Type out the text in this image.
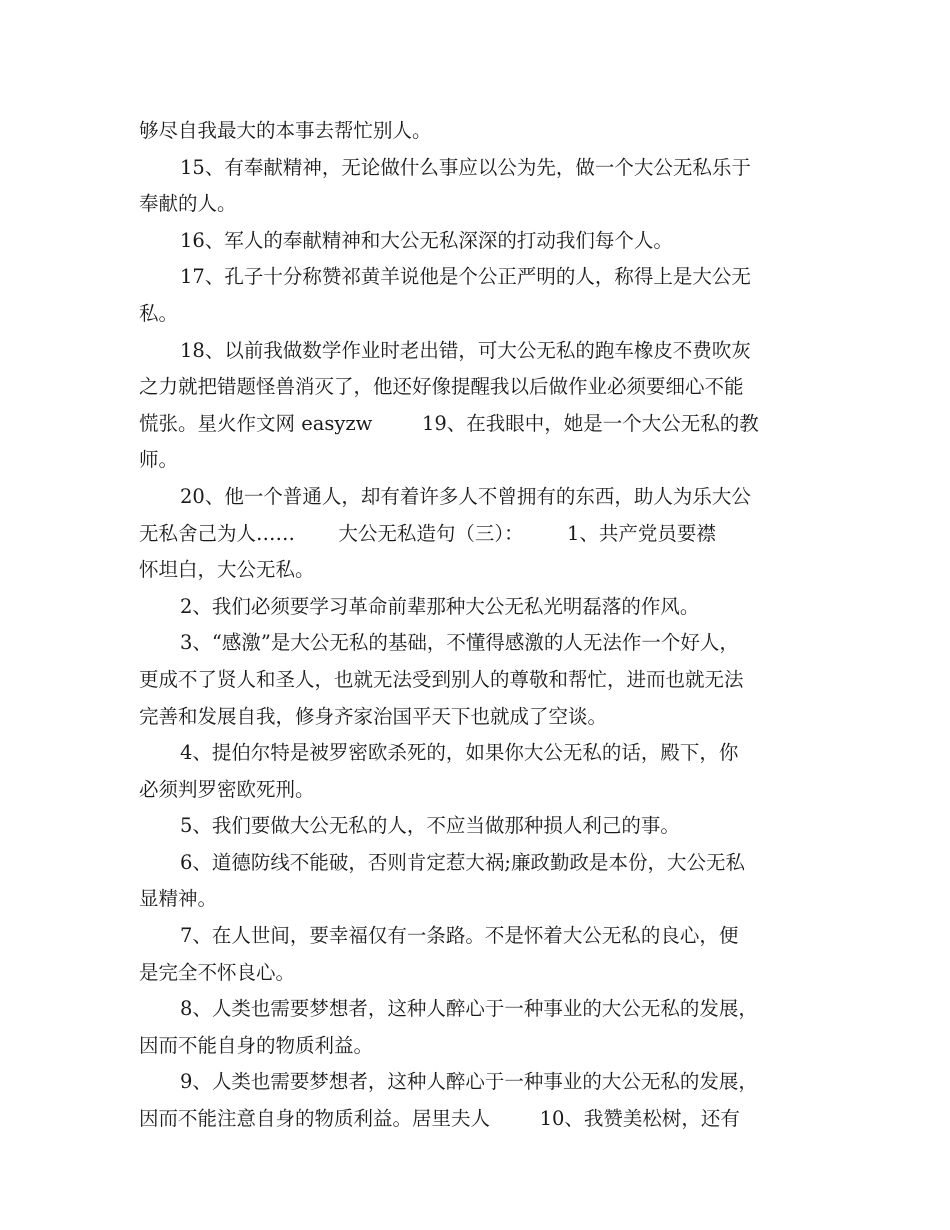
够尽自我最大的本事去帮忙别人。
15、有奉献精神，无论做什么事应以公为先，做一个大公无私乐于
奉献的人。
16、军人的奉献精神和大公无私深深的打动我们每个人。
17、孔子十分称赞祁黄羊说他是个公正严明的人，称得上是大公无
私。
18、以前我做数学作业时老出错，可大公无私的跑车橡皮不费吹灰
之力就把错题怪兽消灭了，他还好像提醒我以后做作业必须要细心不能
慌张。星火作文网 easyzw        19、在我眼中，她是一个大公无私的教
师。
20、他一个普通人，却有着许多人不曾拥有的东西，助人为乐大公
无私舍己为人……       大公无私造句（三）：       1、共产党员要襟
怀坦白，大公无私。
2、我们必须要学习革命前辈那种大公无私光明磊落的作风。
3、“感激”是大公无私的基础，不懂得感激的人无法作一个好人，
更成不了贤人和圣人，也就无法受到别人的尊敬和帮忙，进而也就无法
完善和发展自我，修身齐家治国平天下也就成了空谈。
4、提伯尔特是被罗密欧杀死的，如果你大公无私的话，殿下，你
必须判罗密欧死刑。
5、我们要做大公无私的人，不应当做那种损人利己的事。
6、道德防线不能破，否则肯定惹大祸;廉政勤政是本份，大公无私
显精神。
7、在人世间，要幸福仅有一条路。不是怀着大公无私的良心，便
是完全不怀良心。
8、人类也需要梦想者，这种人醉心于一种事业的大公无私的发展，
因而不能自身的物质利益。
9、人类也需要梦想者，这种人醉心于一种事业的大公无私的发展，
因而不能注意自身的物质利益。居里夫人        10、我赞美松树，还有
